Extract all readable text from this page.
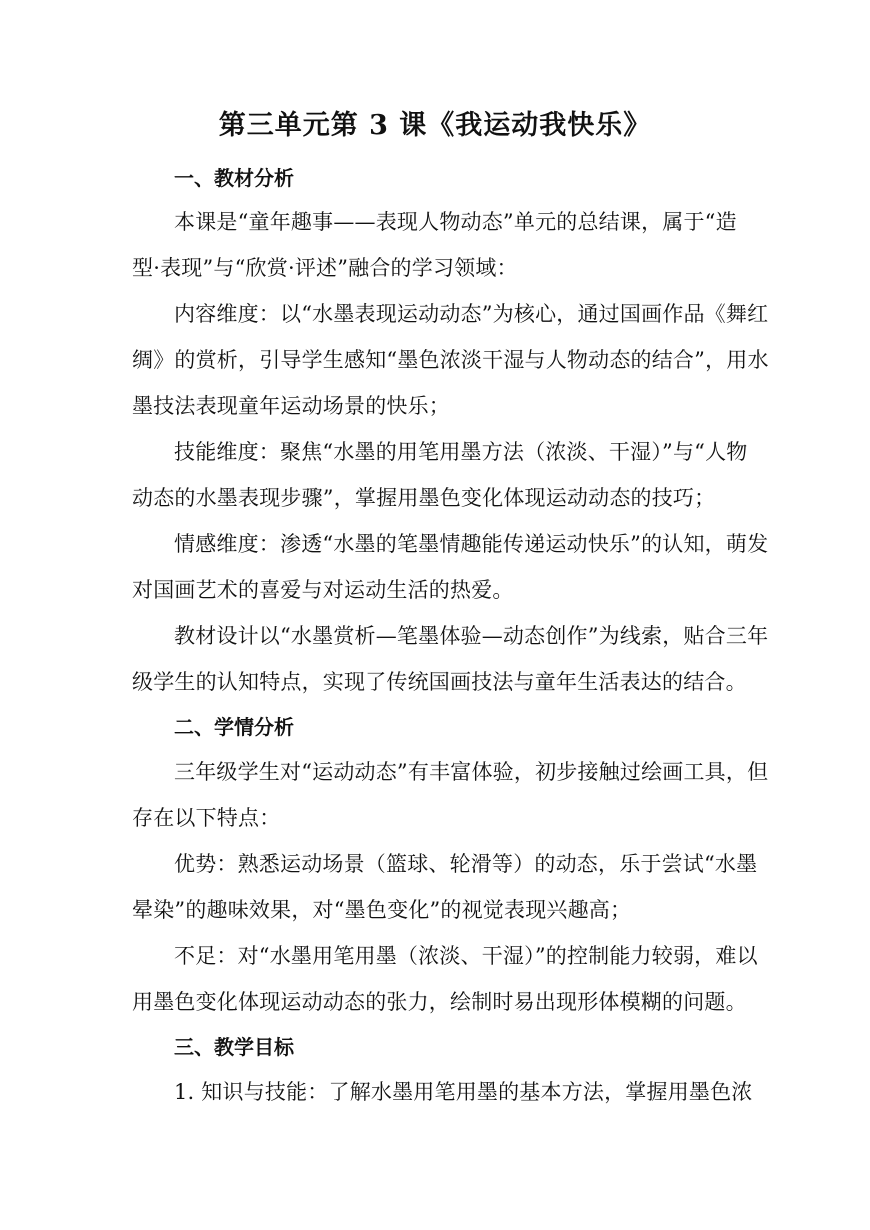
第三单元第 3 课《我运动我快乐》
一、教材分析
本课是“童年趣事——表现人物动态”单元的总结课，属于“造
型·表现”与“欣赏·评述”融合的学习领域：
内容维度：以“水墨表现运动动态”为核心，通过国画作品《舞红
绸》的赏析，引导学生感知“墨色浓淡干湿与人物动态的结合”，用水
墨技法表现童年运动场景的快乐；
技能维度：聚焦“水墨的用笔用墨方法（浓淡、干湿）”与“人物
动态的水墨表现步骤”，掌握用墨色变化体现运动动态的技巧；
情感维度：渗透“水墨的笔墨情趣能传递运动快乐”的认知，萌发
对国画艺术的喜爱与对运动生活的热爱。
教材设计以“水墨赏析—笔墨体验—动态创作”为线索，贴合三年
级学生的认知特点，实现了传统国画技法与童年生活表达的结合。
二、学情分析
三年级学生对“运动动态”有丰富体验，初步接触过绘画工具，但
存在以下特点：
优势：熟悉运动场景（篮球、轮滑等）的动态，乐于尝试“水墨
晕染”的趣味效果，对“墨色变化”的视觉表现兴趣高；
不足：对“水墨用笔用墨（浓淡、干湿）”的控制能力较弱，难以
用墨色变化体现运动动态的张力，绘制时易出现形体模糊的问题。
三、教学目标
1. 知识与技能：了解水墨用笔用墨的基本方法，掌握用墨色浓
